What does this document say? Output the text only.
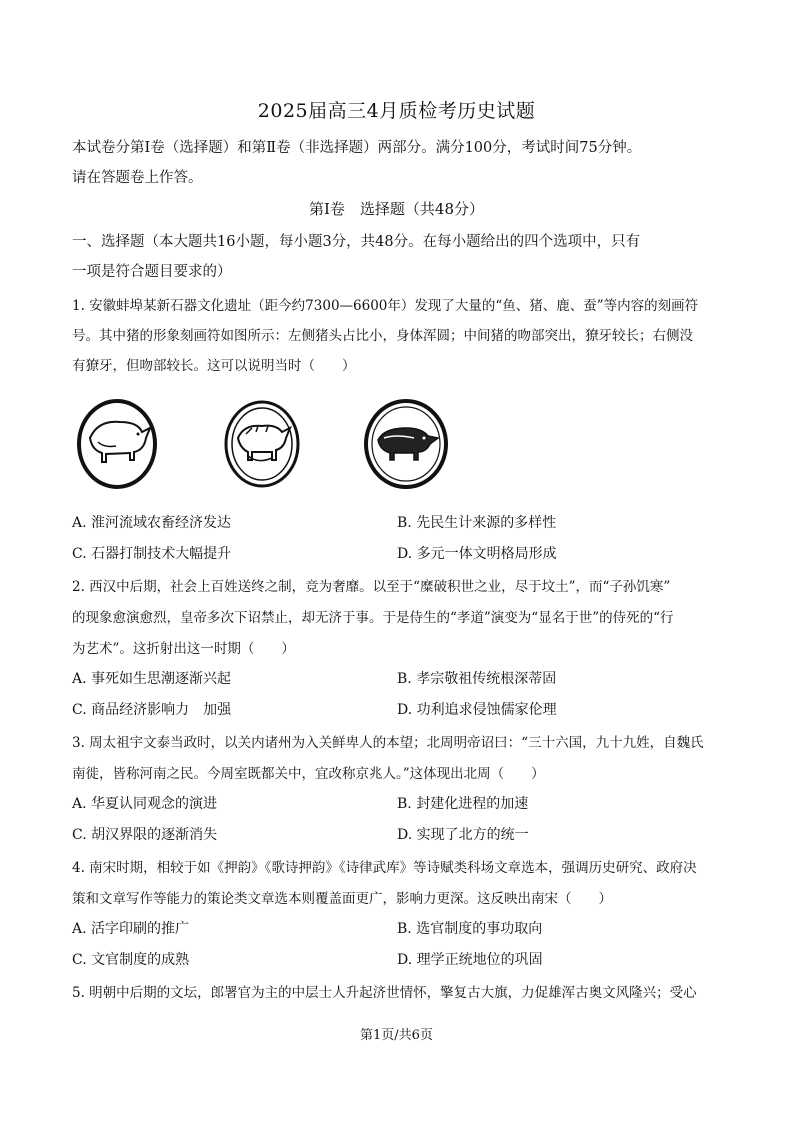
2025届高三4月质检考历史试题
本试卷分第Ⅰ卷（选择题）和第Ⅱ卷（非选择题）两部分。满分100分，考试时间75分钟。
请在答题卷上作答。
第Ⅰ卷　选择题（共48分）
一、选择题（本大题共16小题，每小题3分，共48分。在每小题给出的四个选项中，只有
一项是符合题目要求的）
1. 安徽蚌埠某新石器文化遗址（距今约7300—6600年）发现了大量的“鱼、猪、鹿、蚕”等内容的刻画符
号。其中猪的形象刻画符如图所示：左侧猪头占比小，身体浑圆；中间猪的吻部突出，獠牙较长；右侧没
有獠牙，但吻部较长。这可以说明当时（　　）
A. 淮河流域农畜经济发达	B. 先民生计来源的多样性
C. 石器打制技术大幅提升	D. 多元一体文明格局形成
2. 西汉中后期，社会上百姓送终之制，竞为奢靡。以至于“糜破积世之业，尽于坟土”，而“子孙饥寒”
的现象愈演愈烈，皇帝多次下诏禁止，却无济于事。于是侍生的“孝道”演变为“显名于世”的侍死的“行
为艺术”。这折射出这一时期（　　）
A. 事死如生思潮逐渐兴起	B. 孝宗敬祖传统根深蒂固
C. 商品经济影响力　加强	D. 功利追求侵蚀儒家伦理
3. 周太祖宇文泰当政时，以关内诸州为入关鲜卑人的本望；北周明帝诏曰：“三十六国，九十九姓，自魏氏
南徙，皆称河南之民。今周室既都关中，宜改称京兆人。”这体现出北周（　　）
A. 华夏认同观念的演进	B. 封建化进程的加速
C. 胡汉界限的逐渐消失	D. 实现了北方的统一
4. 南宋时期，相较于如《押韵》《歌诗押韵》《诗律武库》等诗赋类科场文章选本，强调历史研究、政府决
策和文章写作等能力的策论类文章选本则覆盖面更广，影响力更深。这反映出南宋（　　）
A. 活字印刷的推广	B. 选官制度的事功取向
C. 文官制度的成熟	D. 理学正统地位的巩固
5. 明朝中后期的文坛，郎署官为主的中层士人升起济世情怀，擎复古大旗，力促雄浑古奥文风隆兴；受心
第1页/共6页
